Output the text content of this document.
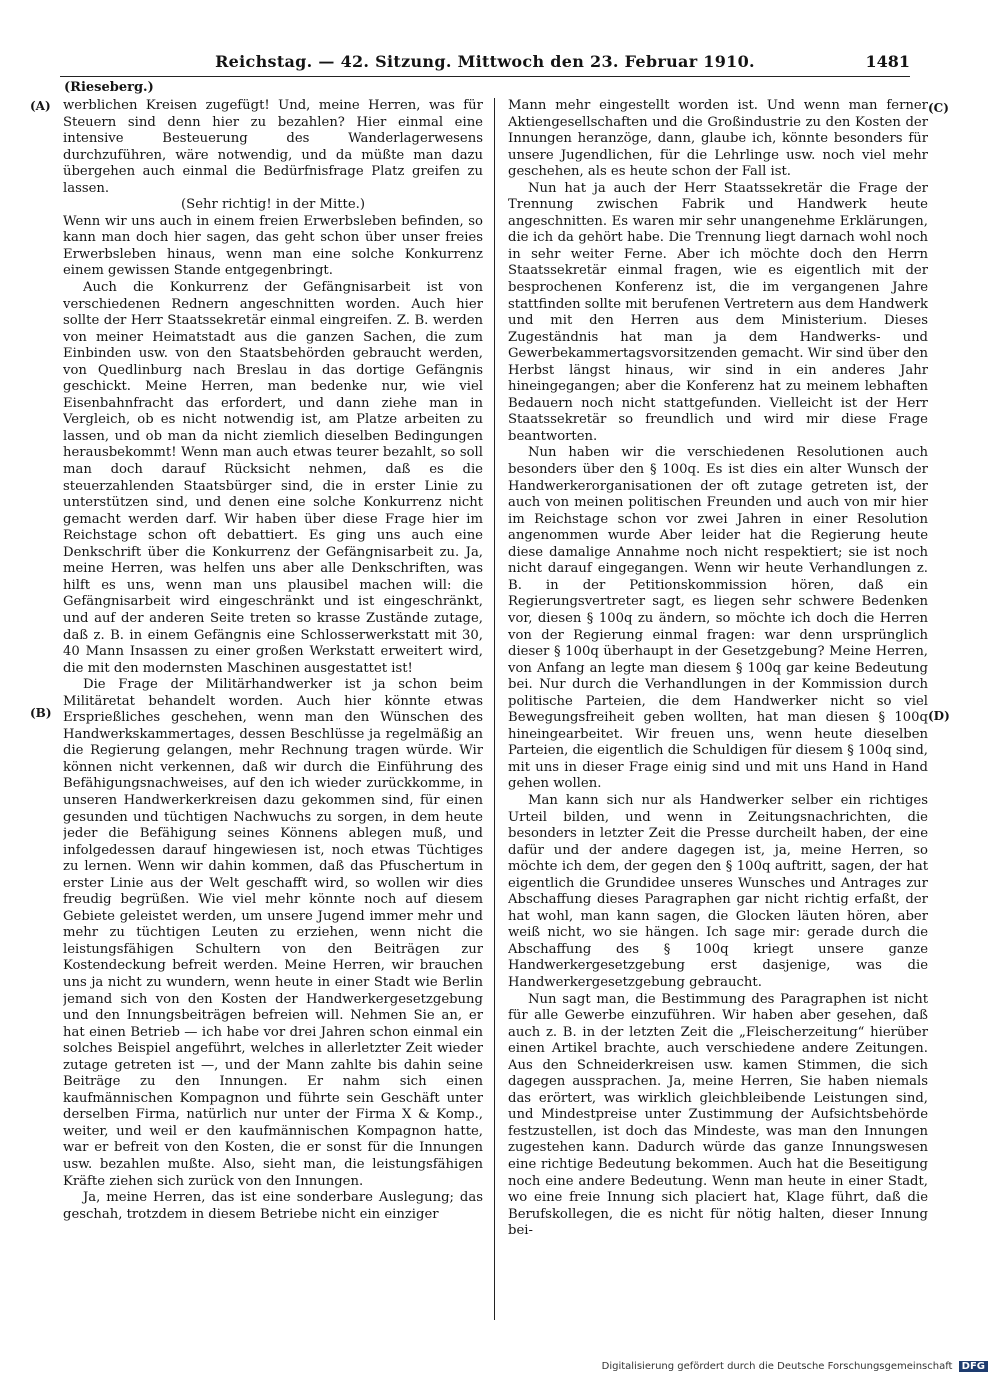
Reichstag. — 42. Sitzung. Mittwoch den 23. Februar 1910.	1481
(Rieseberg.)
(A)
(B)
(C)
(D)

werblichen Kreisen zugefügt! Und, meine Herren, was für Steuern sind denn hier zu bezahlen? Hier einmal eine intensive Besteuerung des Wanderlagerwesens durchzuführen, wäre notwendig, und da müßte man dazu übergehen auch einmal die Bedürfnisfrage Platz greifen zu lassen.

(Sehr richtig! in der Mitte.)

Wenn wir uns auch in einem freien Erwerbsleben befinden, so kann man doch hier sagen, das geht schon über unser freies Erwerbsleben hinaus, wenn man eine solche Konkurrenz einem gewissen Stande entgegenbringt.

Auch die Konkurrenz der Gefängnisarbeit ist von verschiedenen Rednern angeschnitten worden. Auch hier sollte der Herr Staatssekretär einmal eingreifen. Z. B. werden von meiner Heimatstadt aus die ganzen Sachen, die zum Einbinden usw. von den Staatsbehörden gebraucht werden, von Quedlinburg nach Breslau in das dortige Gefängnis geschickt. Meine Herren, man bedenke nur, wie viel Eisenbahnfracht das erfordert, und dann ziehe man in Vergleich, ob es nicht notwendig ist, am Platze arbeiten zu lassen, und ob man da nicht ziemlich dieselben Bedingungen herausbekommt! Wenn man auch etwas teurer bezahlt, so soll man doch darauf Rücksicht nehmen, daß es die steuerzahlenden Staatsbürger sind, die in erster Linie zu unterstützen sind, und denen eine solche Konkurrenz nicht gemacht werden darf. Wir haben über diese Frage hier im Reichstage schon oft debattiert. Es ging uns auch eine Denkschrift über die Konkurrenz der Gefängnisarbeit zu. Ja, meine Herren, was helfen uns aber alle Denkschriften, was hilft es uns, wenn man uns plausibel machen will: die Gefängnisarbeit wird eingeschränkt und ist eingeschränkt, und auf der anderen Seite treten so krasse Zustände zutage, daß z. B. in einem Gefängnis eine Schlosserwerkstatt mit 30, 40 Mann Insassen zu einer großen Werkstatt erweitert wird, die mit den modernsten Maschinen ausgestattet ist!

Die Frage der Militärhandwerker ist ja schon beim Militäretat behandelt worden. Auch hier könnte etwas Ersprießliches geschehen, wenn man den Wünschen des Handwerkskammertages, dessen Beschlüsse ja regelmäßig an die Regierung gelangen, mehr Rechnung tragen würde. Wir können nicht verkennen, daß wir durch die Einführung des Befähigungsnachweises, auf den ich wieder zurückkomme, in unseren Handwerkerkreisen dazu gekommen sind, für einen gesunden und tüchtigen Nachwuchs zu sorgen, in dem heute jeder die Befähigung seines Könnens ablegen muß, und infolgedessen darauf hingewiesen ist, noch etwas Tüchtiges zu lernen. Wenn wir dahin kommen, daß das Pfuschertum in erster Linie aus der Welt geschafft wird, so wollen wir dies freudig begrüßen. Wie viel mehr könnte noch auf diesem Gebiete geleistet werden, um unsere Jugend immer mehr und mehr zu tüchtigen Leuten zu erziehen, wenn nicht die leistungsfähigen Schultern von den Beiträgen zur Kostendeckung befreit werden. Meine Herren, wir brauchen uns ja nicht zu wundern, wenn heute in einer Stadt wie Berlin jemand sich von den Kosten der Handwerkergesetzgebung und den Innungsbeiträgen befreien will. Nehmen Sie an, er hat einen Betrieb — ich habe vor drei Jahren schon einmal ein solches Beispiel angeführt, welches in allerletzter Zeit wieder zutage getreten ist —, und der Mann zahlte bis dahin seine Beiträge zu den Innungen. Er nahm sich einen kaufmännischen Kompagnon und führte sein Geschäft unter derselben Firma, natürlich nur unter der Firma X & Komp., weiter, und weil er den kaufmännischen Kompagnon hatte, war er befreit von den Kosten, die er sonst für die Innungen usw. bezahlen mußte. Also, sieht man, die leistungsfähigen Kräfte ziehen sich zurück von den Innungen.

Ja, meine Herren, das ist eine sonderbare Auslegung; das geschah, trotzdem in diesem Betriebe nicht ein einziger

Mann mehr eingestellt worden ist. Und wenn man ferner Aktiengesellschaften und die Großindustrie zu den Kosten der Innungen heranzöge, dann, glaube ich, könnte besonders für unsere Jugendlichen, für die Lehrlinge usw. noch viel mehr geschehen, als es heute schon der Fall ist.

Nun hat ja auch der Herr Staatssekretär die Frage der Trennung zwischen Fabrik und Handwerk heute angeschnitten. Es waren mir sehr unangenehme Erklärungen, die ich da gehört habe. Die Trennung liegt darnach wohl noch in sehr weiter Ferne. Aber ich möchte doch den Herrn Staatssekretär einmal fragen, wie es eigentlich mit der besprochenen Konferenz ist, die im vergangenen Jahre stattfinden sollte mit berufenen Vertretern aus dem Handwerk und mit den Herren aus dem Ministerium. Dieses Zugeständnis hat man ja dem Handwerks- und Gewerbekammertagsvorsitzenden gemacht. Wir sind über den Herbst längst hinaus, wir sind in ein anderes Jahr hineingegangen; aber die Konferenz hat zu meinem lebhaften Bedauern noch nicht stattgefunden. Vielleicht ist der Herr Staatssekretär so freundlich und wird mir diese Frage beantworten.

Nun haben wir die verschiedenen Resolutionen auch besonders über den § 100q. Es ist dies ein alter Wunsch der Handwerkerorganisationen der oft zutage getreten ist, der auch von meinen politischen Freunden und auch von mir hier im Reichstage schon vor zwei Jahren in einer Resolution angenommen wurde Aber leider hat die Regierung heute diese damalige Annahme noch nicht respektiert; sie ist noch nicht darauf eingegangen. Wenn wir heute Verhandlungen z. B. in der Petitionskommission hören, daß ein Regierungsvertreter sagt, es liegen sehr schwere Bedenken vor, diesen § 100q zu ändern, so möchte ich doch die Herren von der Regierung einmal fragen: war denn ursprünglich dieser § 100q überhaupt in der Gesetzgebung? Meine Herren, von Anfang an legte man diesem § 100q gar keine Bedeutung bei. Nur durch die Verhandlungen in der Kommission durch politische Parteien, die dem Handwerker nicht so viel Bewegungsfreiheit geben wollten, hat man diesen § 100q hineingearbeitet. Wir freuen uns, wenn heute dieselben Parteien, die eigentlich die Schuldigen für diesem § 100q sind, mit uns in dieser Frage einig sind und mit uns Hand in Hand gehen wollen.

Man kann sich nur als Handwerker selber ein richtiges Urteil bilden, und wenn in Zeitungsnachrichten, die besonders in letzter Zeit die Presse durcheilt haben, der eine dafür und der andere dagegen ist, ja, meine Herren, so möchte ich dem, der gegen den § 100q auftritt, sagen, der hat eigentlich die Grundidee unseres Wunsches und Antrages zur Abschaffung dieses Paragraphen gar nicht richtig erfaßt, der hat wohl, man kann sagen, die Glocken läuten hören, aber weiß nicht, wo sie hängen. Ich sage mir: gerade durch die Abschaffung des § 100q kriegt unsere ganze Handwerkergesetzgebung erst dasjenige, was die Handwerkergesetzgebung gebraucht.

Nun sagt man, die Bestimmung des Paragraphen ist nicht für alle Gewerbe einzuführen. Wir haben aber gesehen, daß auch z. B. in der letzten Zeit die „Fleischerzeitung“ hierüber einen Artikel brachte, auch verschiedene andere Zeitungen. Aus den Schneiderkreisen usw. kamen Stimmen, die sich dagegen aussprachen. Ja, meine Herren, Sie haben niemals das erörtert, was wirklich gleichbleibende Leistungen sind, und Mindestpreise unter Zustimmung der Aufsichtsbehörde festzustellen, ist doch das Mindeste, was man den Innungen zugestehen kann. Dadurch würde das ganze Innungswesen eine richtige Bedeutung bekommen. Auch hat die Beseitigung noch eine andere Bedeutung. Wenn man heute in einer Stadt, wo eine freie Innung sich placiert hat, Klage führt, daß die Berufskollegen, die es nicht für nötig halten, dieser Innung bei-

Digitalisierung gefördert durch die Deutsche Forschungsgemeinschaft DFG
